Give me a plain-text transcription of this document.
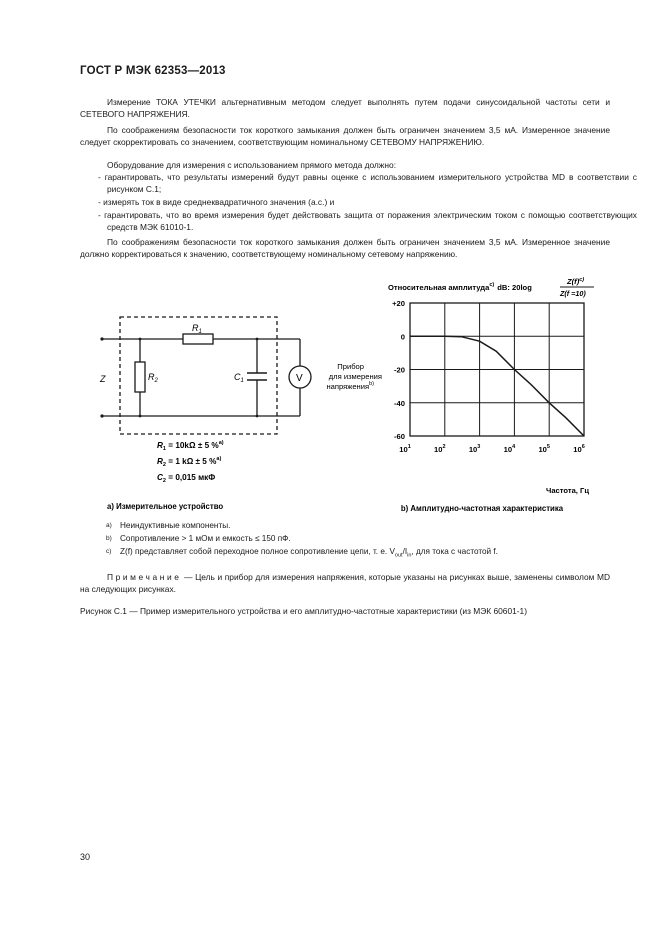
ГОСТ Р МЭК 62353—2013
Измерение ТОКА УТЕЧКИ альтернативным методом следует выполнять путем подачи синусоидальной частоты сети и СЕТЕВОГО НАПРЯЖЕНИЯ.
По соображениям безопасности ток короткого замыкания должен быть ограничен значением 3,5 мА. Измеренное значение следует скорректировать со значением, соответствующим номинальному СЕТЕВОМУ НАПРЯЖЕНИЮ.
Оборудование для измерения с использованием прямого метода должно:
- гарантировать, что результаты измерений будут равны оценке с использованием измерительного устройства MD в соответствии с рисунком С.1;
- измерять ток в виде среднеквадратичного значения (а.с.) и
- гарантировать, что во время измерения будет действовать защита от поражения электрическим током с помощью соответствующих средств МЭК 61010-1.
По соображениям безопасности ток короткого замыкания должен быть ограничен значением 3,5 мА. Измеренное значение должно корректироваться к значению, соответствующему номинальному сетевому напряжению.
Z
$R_1$
$R_2$	$C_1$	V
Прибор
для измерения
напряжения$^{b)}$
$R_1 = 10k\Omega \pm 5$ %$^{a)}$
$R_2 = 1$ kΩ ± 5 %$^{a)}$
$C_2 = 0,015$ мкФ
а) Измерительное устройство
Относительная амплитуда$^{c)}$ dB: 20log
$Z(f)^{c)}$
Z(f =10)
+20
0
-20
-40
-60
$10^1$	$10^2$	$10^3$	$10^4$	$10^5$	$10^6$
Частота, Гц
b) Амплитудно-частотная характеристика
a) Неиндуктивные компоненты.
b) Сопротивление > 1 мОм и емкость ≤ 150 пФ.
c) Z(f) представляет собой переходное полное сопротивление цепи, т. е. $V_{out}/I_{in}$, для тока с частотой f.
Примечание — Цель и прибор для измерения напряжения, которые указаны на рисунках выше, заменены символом MD на следующих рисунках.
Рисунок С.1 — Пример измерительного устройства и его амплитудно-частотные характеристики (из МЭК 60601-1)
30
